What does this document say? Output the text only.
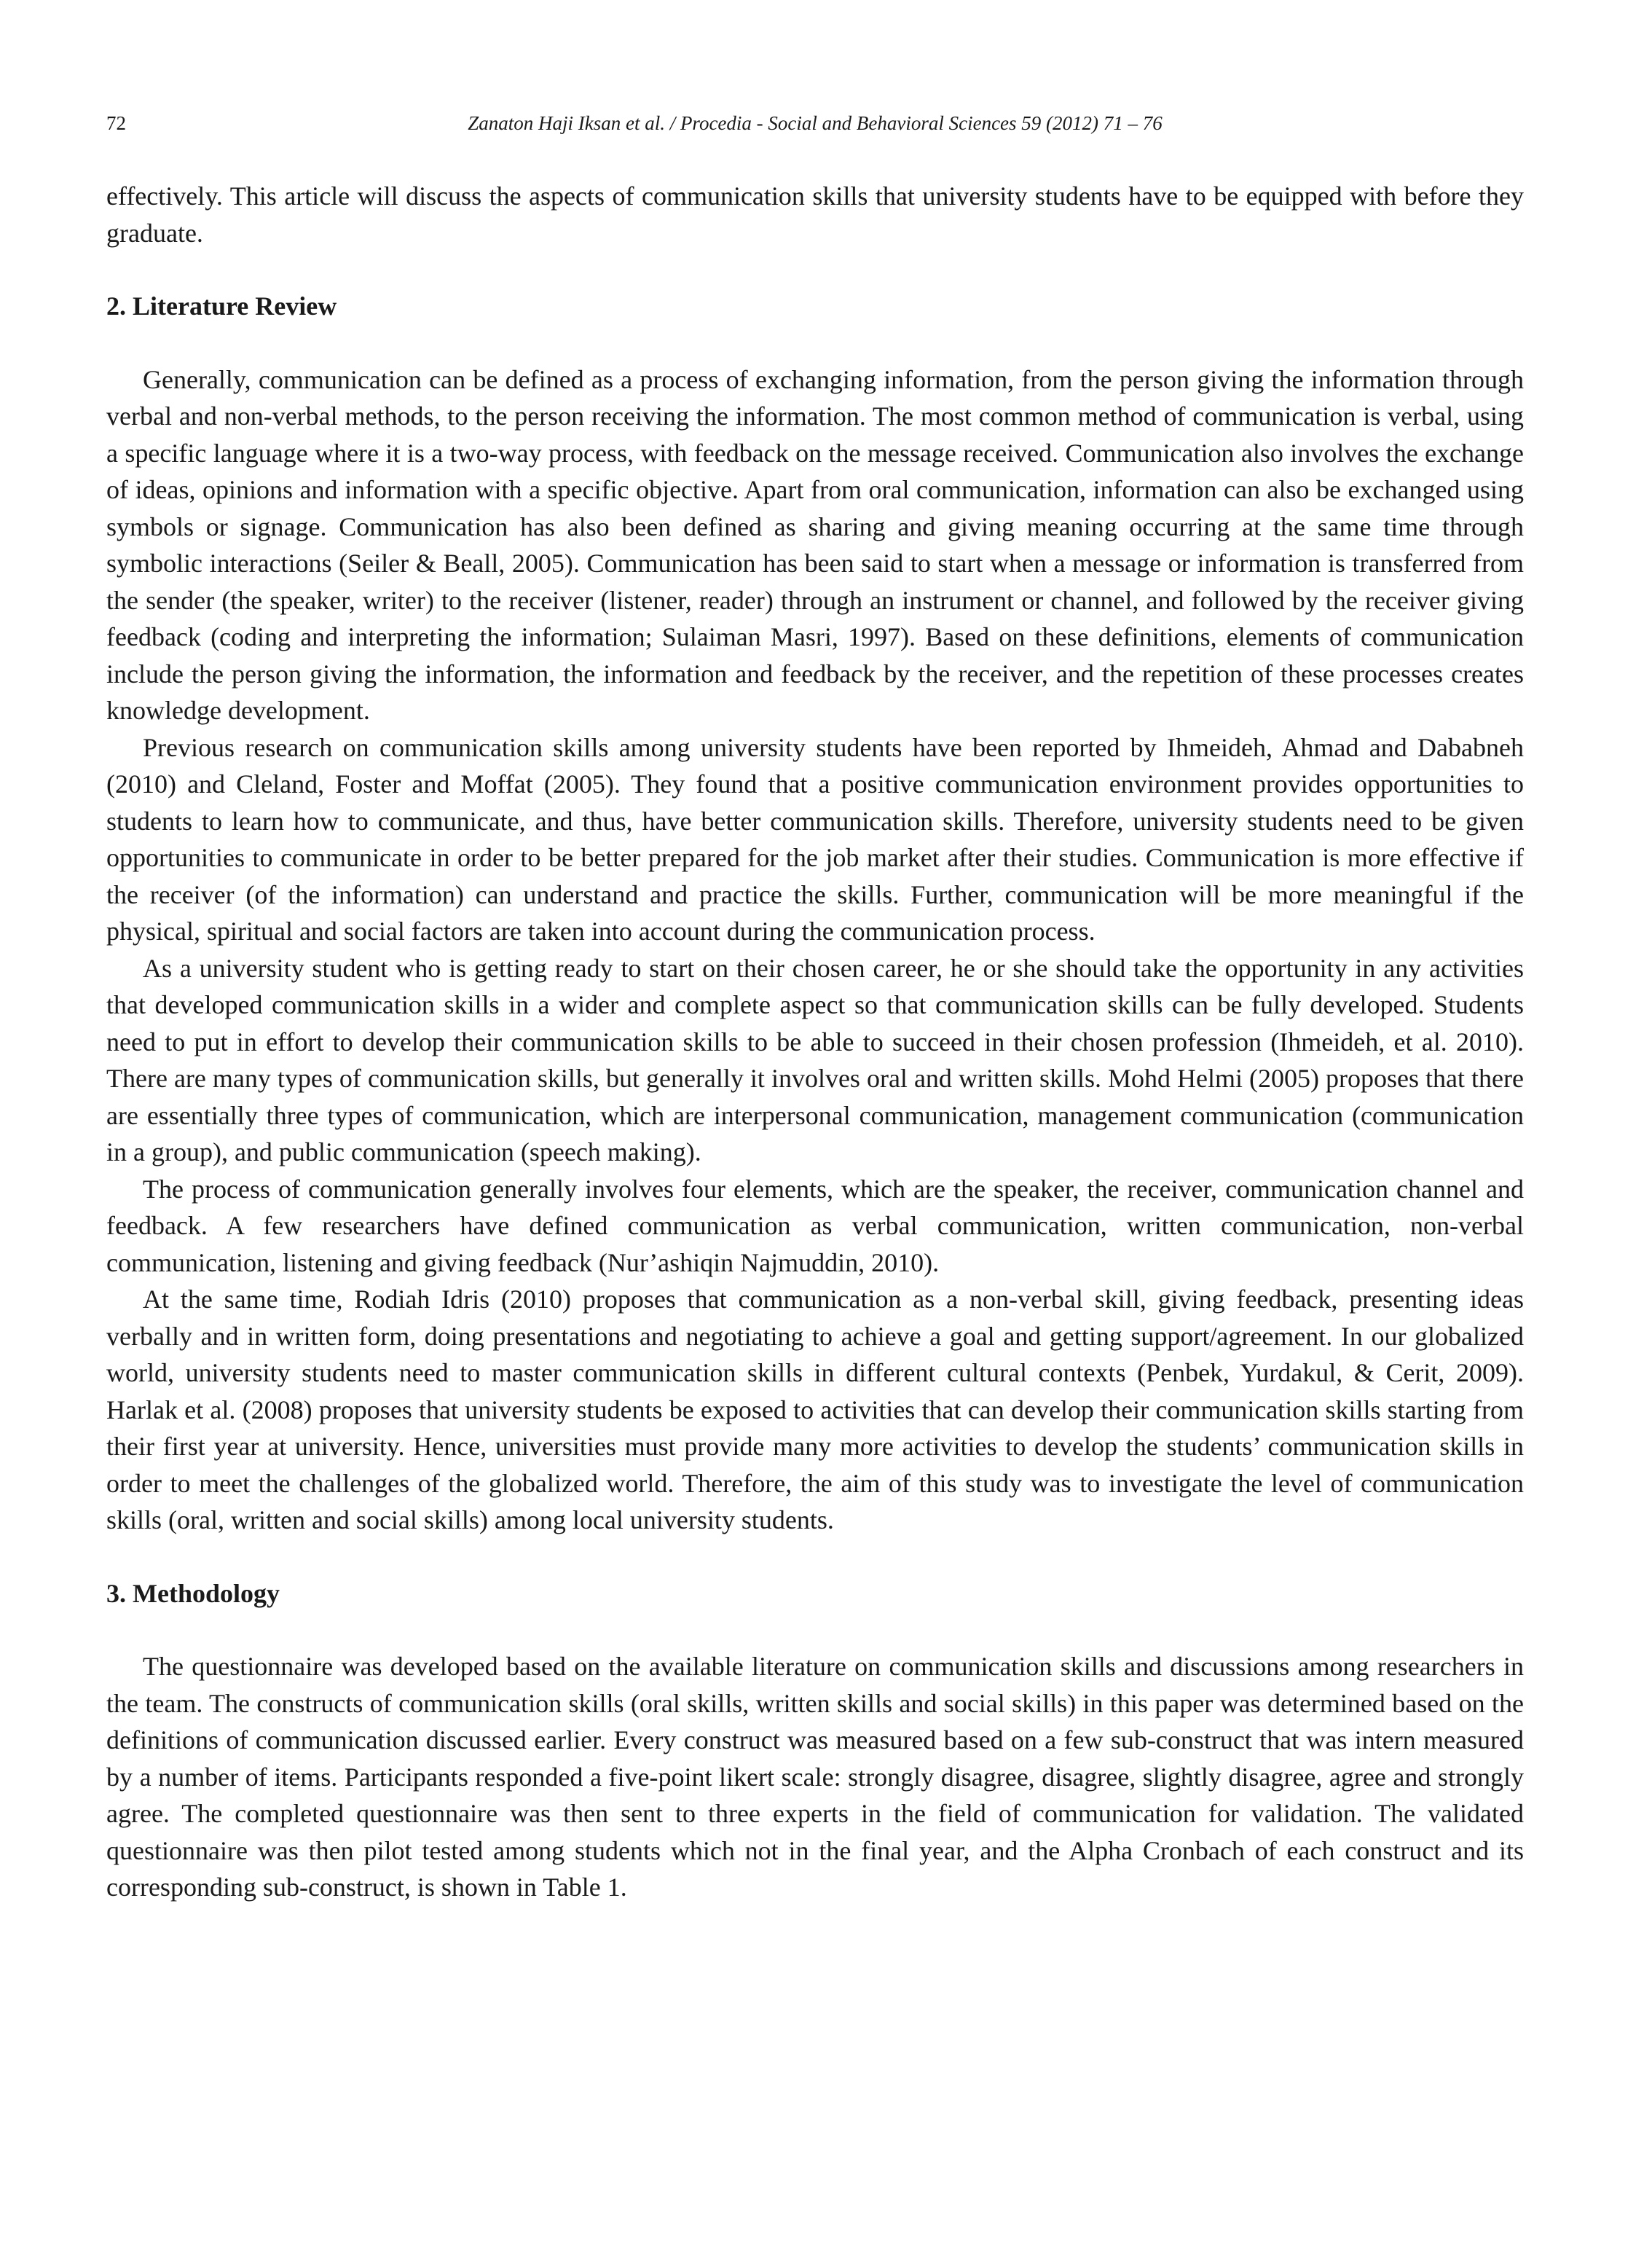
72	Zanaton Haji Iksan et al. / Procedia - Social and Behavioral Sciences 59 (2012) 71 – 76

effectively. This article will discuss the aspects of communication skills that university students have to be equipped with before they graduate.

2. Literature Review

Generally, communication can be defined as a process of exchanging information, from the person giving the information through verbal and non-verbal methods, to the person receiving the information. The most common method of communication is verbal, using a specific language where it is a two-way process, with feedback on the message received. Communication also involves the exchange of ideas, opinions and information with a specific objective. Apart from oral communication, information can also be exchanged using symbols or signage. Communication has also been defined as sharing and giving meaning occurring at the same time through symbolic interactions (Seiler & Beall, 2005). Communication has been said to start when a message or information is transferred from the sender (the speaker, writer) to the receiver (listener, reader) through an instrument or channel, and followed by the receiver giving feedback (coding and interpreting the information; Sulaiman Masri, 1997). Based on these definitions, elements of communication include the person giving the information, the information and feedback by the receiver, and the repetition of these processes creates knowledge development.

Previous research on communication skills among university students have been reported by Ihmeideh, Ahmad and Dababneh (2010) and Cleland, Foster and Moffat (2005). They found that a positive communication environment provides opportunities to students to learn how to communicate, and thus, have better communication skills. Therefore, university students need to be given opportunities to communicate in order to be better prepared for the job market after their studies. Communication is more effective if the receiver (of the information) can understand and practice the skills. Further, communication will be more meaningful if the physical, spiritual and social factors are taken into account during the communication process.

As a university student who is getting ready to start on their chosen career, he or she should take the opportunity in any activities that developed communication skills in a wider and complete aspect so that communication skills can be fully developed. Students need to put in effort to develop their communication skills to be able to succeed in their chosen profession (Ihmeideh, et al. 2010). There are many types of communication skills, but generally it involves oral and written skills. Mohd Helmi (2005) proposes that there are essentially three types of communication, which are interpersonal communication, management communication (communication in a group), and public communication (speech making).

The process of communication generally involves four elements, which are the speaker, the receiver, communication channel and feedback. A few researchers have defined communication as verbal communication, written communication, non-verbal communication, listening and giving feedback (Nur’ashiqin Najmuddin, 2010).

At the same time, Rodiah Idris (2010) proposes that communication as a non-verbal skill, giving feedback, presenting ideas verbally and in written form, doing presentations and negotiating to achieve a goal and getting support/agreement. In our globalized world, university students need to master communication skills in different cultural contexts (Penbek, Yurdakul, & Cerit, 2009). Harlak et al. (2008) proposes that university students be exposed to activities that can develop their communication skills starting from their first year at university. Hence, universities must provide many more activities to develop the students’ communication skills in order to meet the challenges of the globalized world. Therefore, the aim of this study was to investigate the level of communication skills (oral, written and social skills) among local university students.

3. Methodology

The questionnaire was developed based on the available literature on communication skills and discussions among researchers in the team. The constructs of communication skills (oral skills, written skills and social skills) in this paper was determined based on the definitions of communication discussed earlier. Every construct was measured based on a few sub-construct that was intern measured by a number of items. Participants responded a five-point likert scale: strongly disagree, disagree, slightly disagree, agree and strongly agree. The completed questionnaire was then sent to three experts in the field of communication for validation. The validated questionnaire was then pilot tested among students which not in the final year, and the Alpha Cronbach of each construct and its corresponding sub-construct, is shown in Table 1.
